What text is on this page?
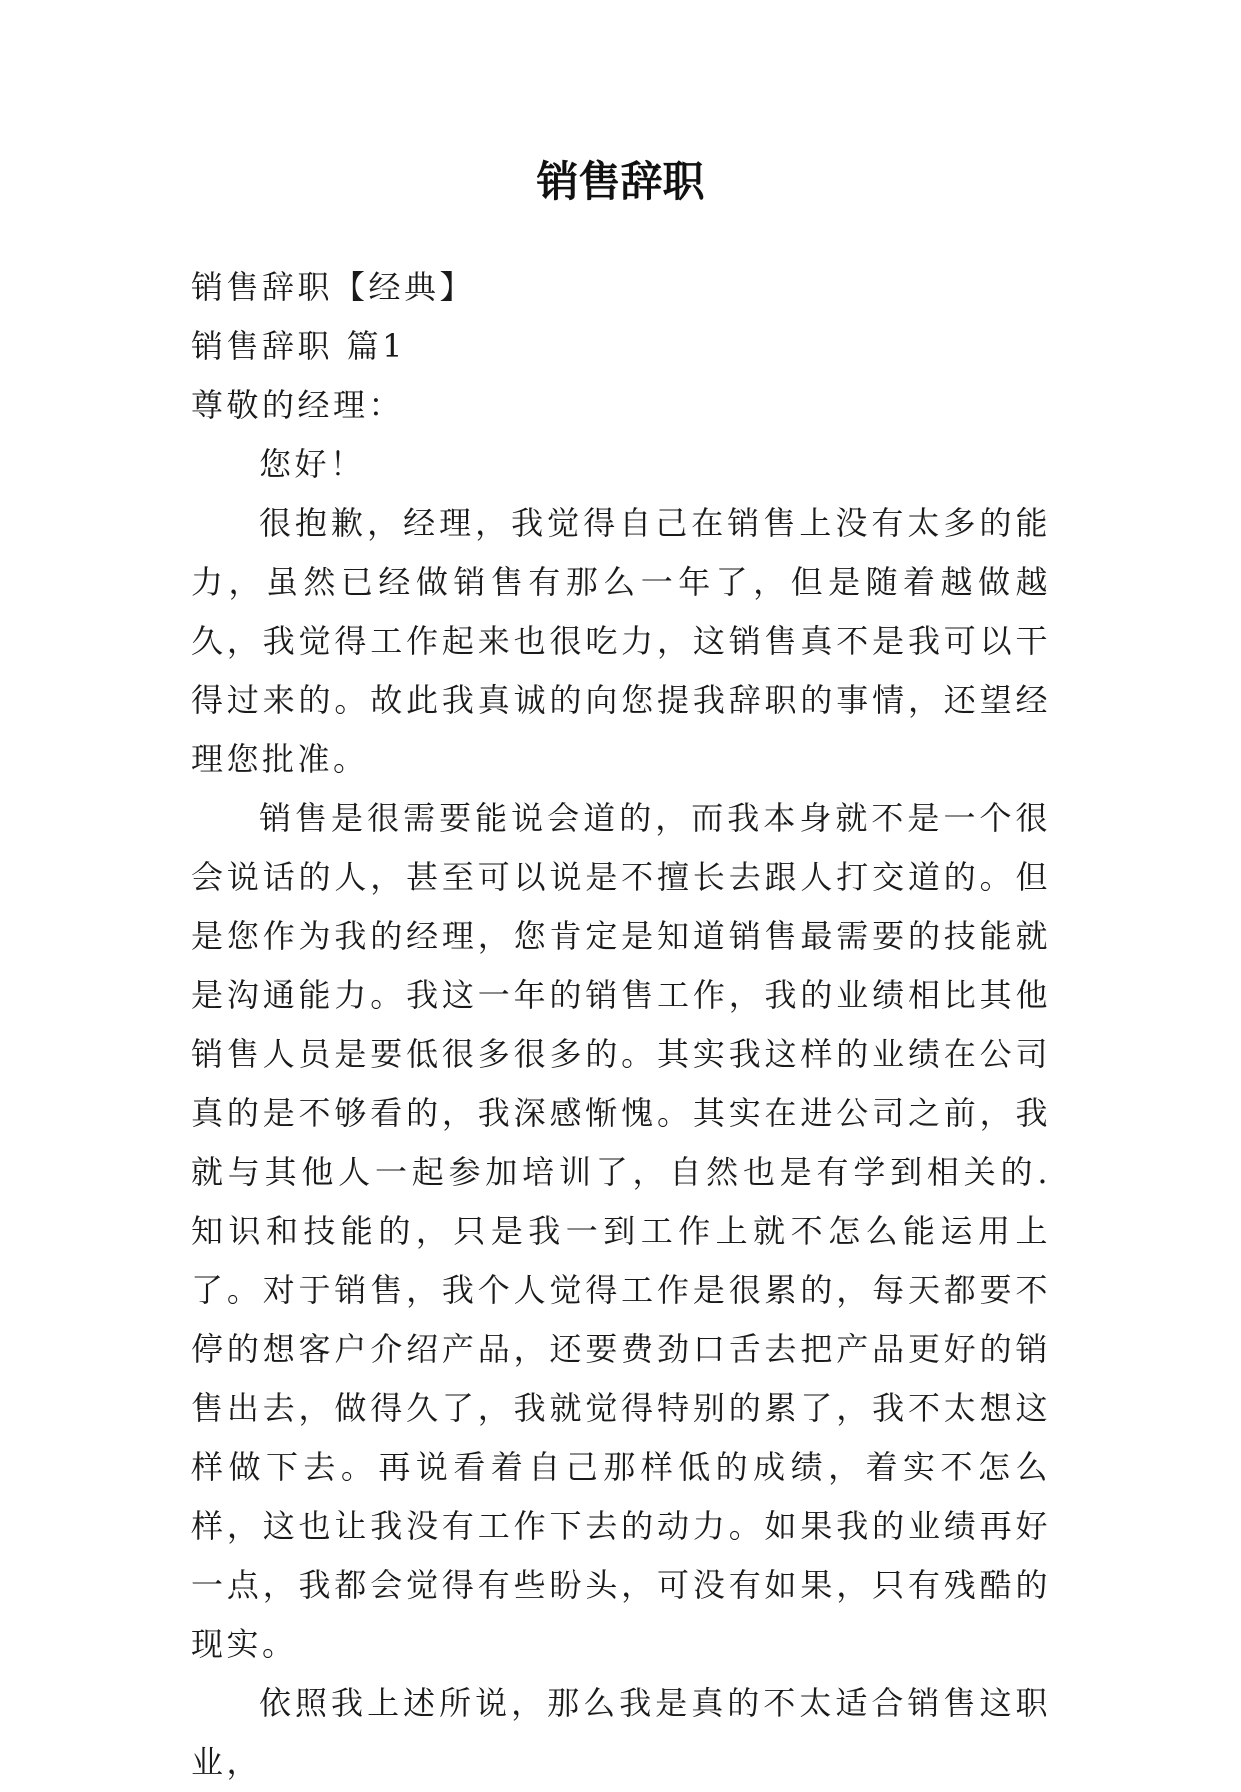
销售辞职

销售辞职【经典】

销售辞职 篇1

尊敬的经理：

您好！

很抱歉，经理，我觉得自己在销售上没有太多的能力，虽然已经做销售有那么一年了，但是随着越做越久，我觉得工作起来也很吃力，这销售真不是我可以干得过来的。故此我真诚的向您提我辞职的事情，还望经理您批准。

销售是很需要能说会道的，而我本身就不是一个很会说话的人，甚至可以说是不擅长去跟人打交道的。但是您作为我的经理，您肯定是知道销售最需要的技能就是沟通能力。我这一年的销售工作，我的业绩相比其他销售人员是要低很多很多的。其实我这样的业绩在公司真的是不够看的，我深感惭愧。其实在进公司之前，我就与其他人一起参加培训了，自然也是有学到相关的.知识和技能的，只是我一到工作上就不怎么能运用上了。对于销售，我个人觉得工作是很累的，每天都要不停的想客户介绍产品，还要费劲口舌去把产品更好的销售出去，做得久了，我就觉得特别的累了，我不太想这样做下去。再说看着自己那样低的成绩，着实不怎么样，这也让我没有工作下去的动力。如果我的业绩再好一点，我都会觉得有些盼头，可没有如果，只有残酷的现实。

依照我上述所说，那么我是真的不太适合销售这职业，
